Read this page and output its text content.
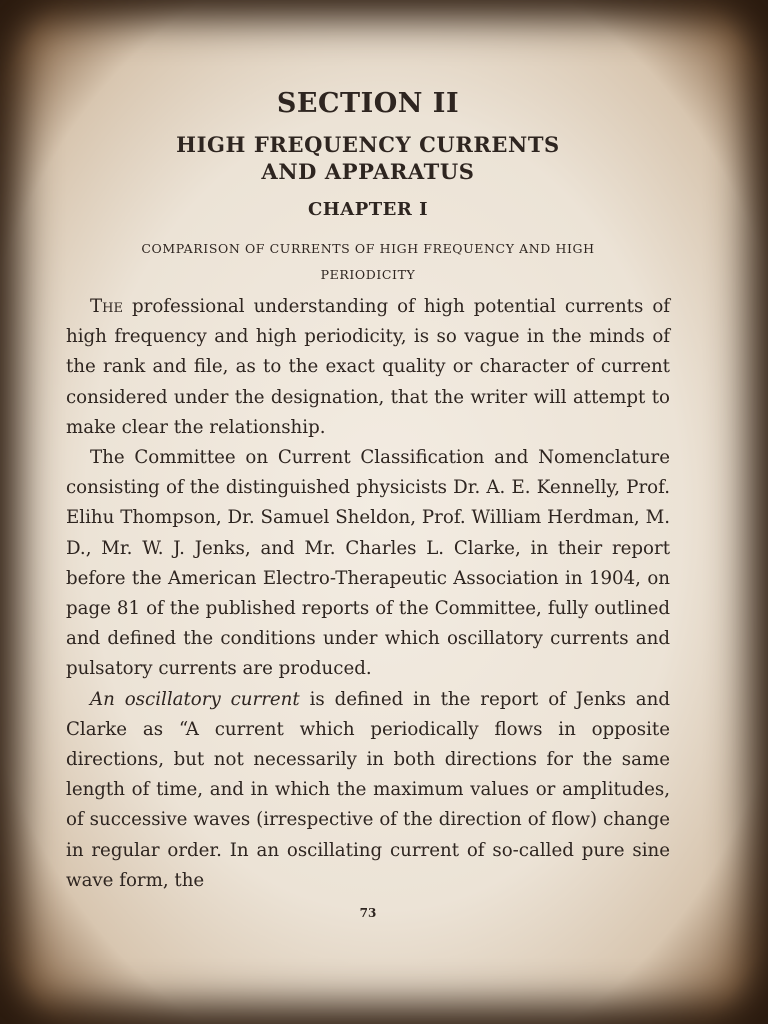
SECTION II
HIGH FREQUENCY CURRENTS
AND APPARATUS
CHAPTER I
COMPARISON OF CURRENTS OF HIGH FREQUENCY AND HIGH
PERIODICITY

The professional understanding of high potential currents of high frequency and high periodicity, is so vague in the minds of the rank and file, as to the exact quality or character of current considered under the designation, that the writer will attempt to make clear the relationship.

The Committee on Current Classification and Nomenclature consisting of the distinguished physicists Dr. A. E. Kennelly, Prof. Elihu Thompson, Dr. Samuel Sheldon, Prof. William Herdman, M. D., Mr. W. J. Jenks, and Mr. Charles L. Clarke, in their report before the American Electro-Therapeutic Association in 1904, on page 81 of the published reports of the Committee, fully outlined and defined the conditions under which oscillatory currents and pulsatory currents are produced.

An oscillatory current is defined in the report of Jenks and Clarke as “A current which periodically flows in opposite directions, but not necessarily in both directions for the same length of time, and in which the maximum values or amplitudes, of successive waves (irrespective of the direction of flow) change in regular order. In an oscillating current of so-called pure sine wave form, the

73
